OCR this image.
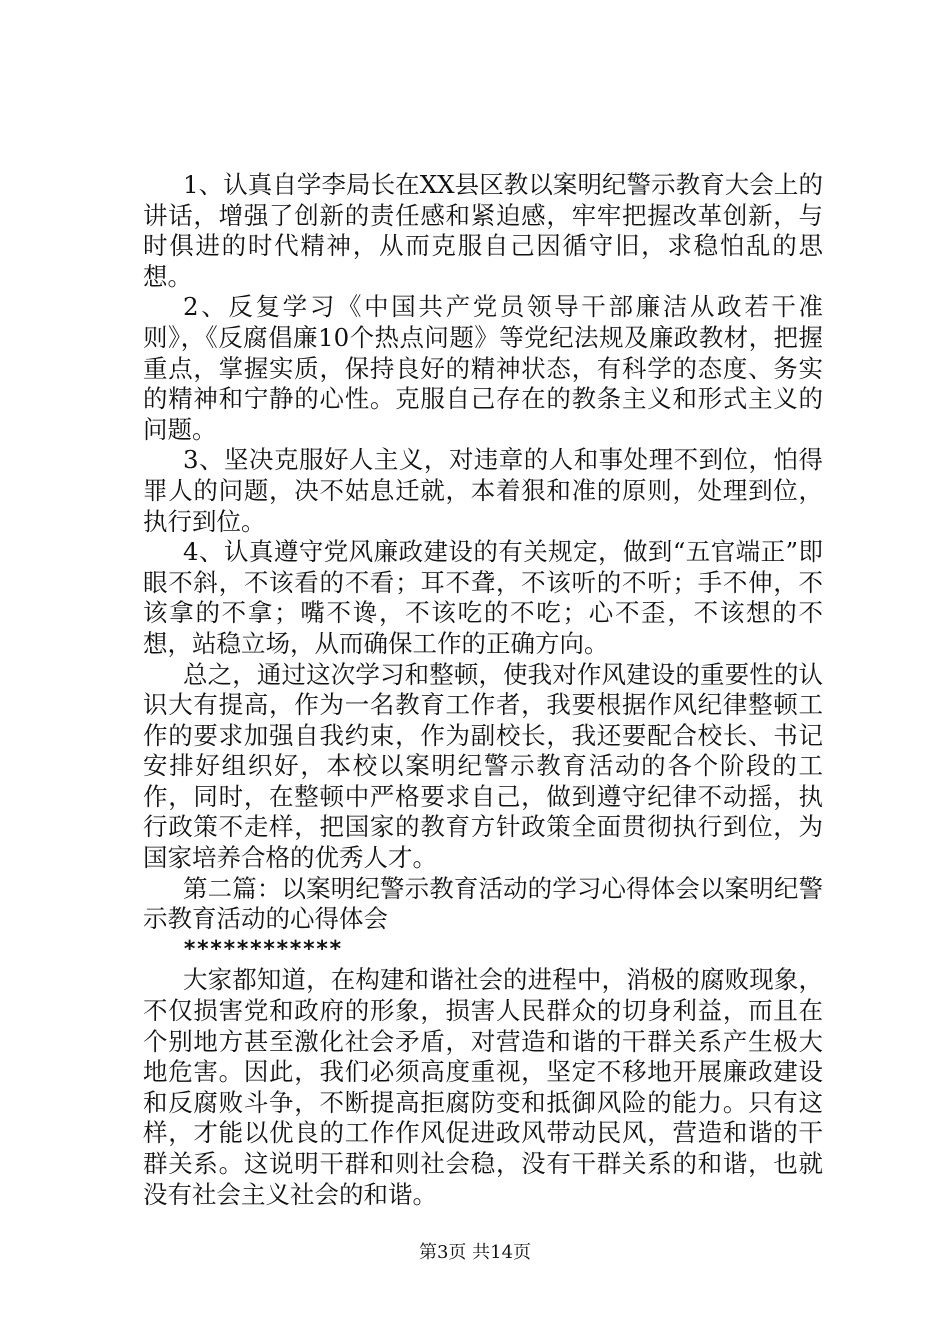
1、认真自学李局长在XX县区教以案明纪警示教育大会上的讲话，增强了创新的责任感和紧迫感，牢牢把握改革创新，与时俱进的时代精神，从而克服自己因循守旧，求稳怕乱的思想。

2、反复学习《中国共产党员领导干部廉洁从政若干准则》，《反腐倡廉10个热点问题》等党纪法规及廉政教材，把握重点，掌握实质，保持良好的精神状态，有科学的态度、务实的精神和宁静的心性。克服自己存在的教条主义和形式主义的问题。

3、坚决克服好人主义，对违章的人和事处理不到位，怕得罪人的问题，决不姑息迁就，本着狠和准的原则，处理到位，执行到位。

4、认真遵守党风廉政建设的有关规定，做到“五官端正”即眼不斜，不该看的不看；耳不聋，不该听的不听；手不伸，不该拿的不拿；嘴不谗，不该吃的不吃；心不歪，不该想的不想，站稳立场，从而确保工作的正确方向。

总之，通过这次学习和整顿，使我对作风建设的重要性的认识大有提高，作为一名教育工作者，我要根据作风纪律整顿工作的要求加强自我约束，作为副校长，我还要配合校长、书记安排好组织好，本校以案明纪警示教育活动的各个阶段的工作，同时，在整顿中严格要求自己，做到遵守纪律不动摇，执行政策不走样，把国家的教育方针政策全面贯彻执行到位，为国家培养合格的优秀人才。

第二篇：以案明纪警示教育活动的学习心得体会以案明纪警示教育活动的心得体会

************

大家都知道，在构建和谐社会的进程中，消极的腐败现象，不仅损害党和政府的形象，损害人民群众的切身利益，而且在个别地方甚至激化社会矛盾，对营造和谐的干群关系产生极大地危害。因此，我们必须高度重视，坚定不移地开展廉政建设和反腐败斗争，不断提高拒腐防变和抵御风险的能力。只有这样，才能以优良的工作作风促进政风带动民风，营造和谐的干群关系。这说明干群和则社会稳，没有干群关系的和谐，也就没有社会主义社会的和谐。

第3页 共14页
